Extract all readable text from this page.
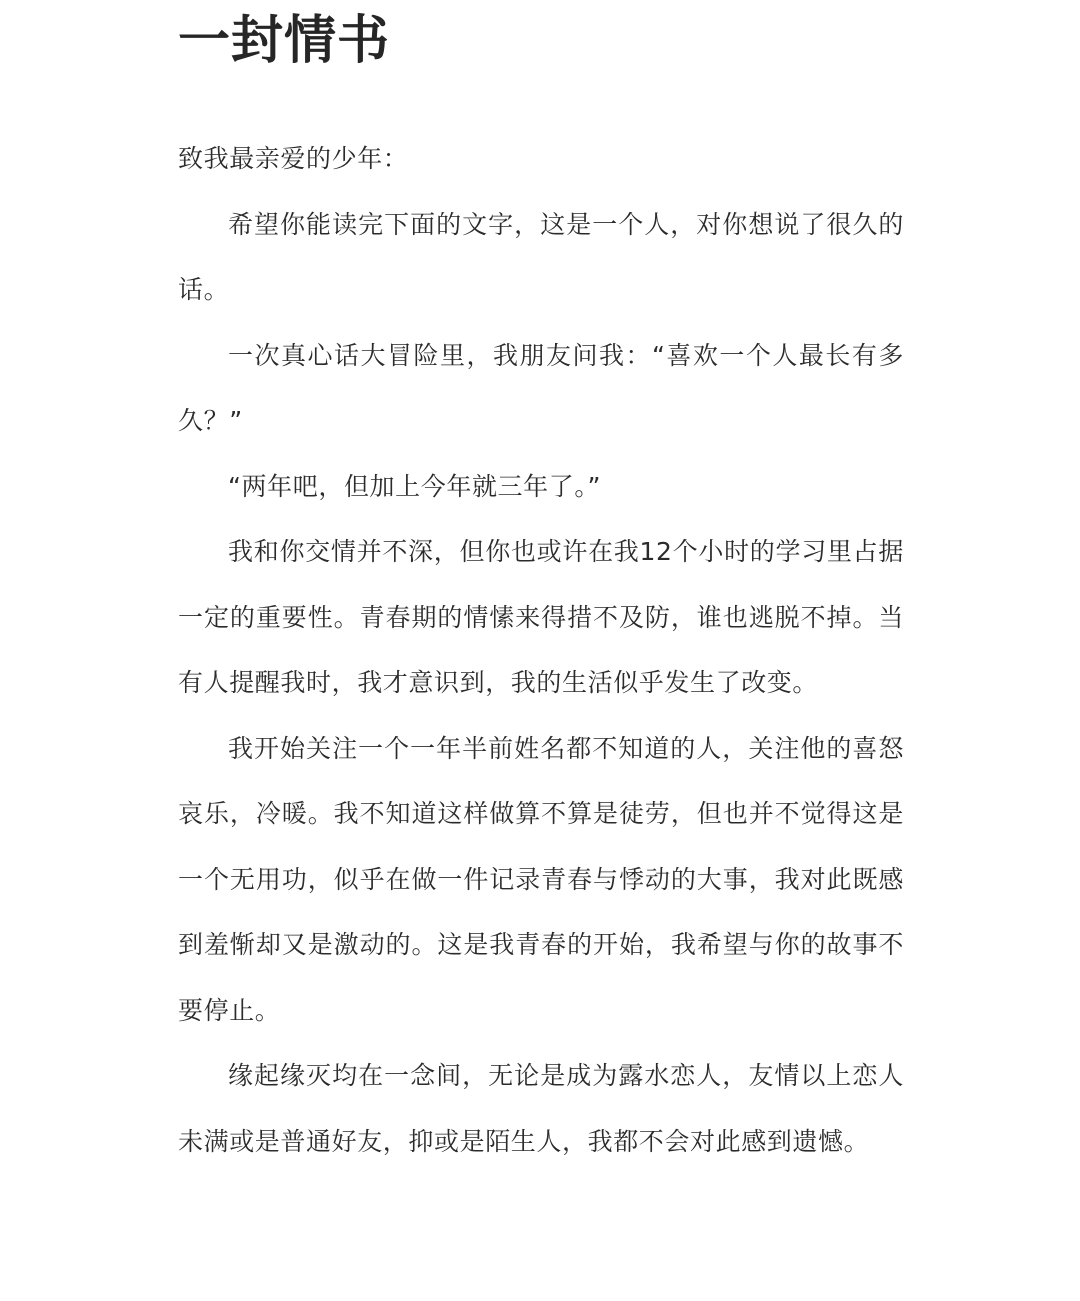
一封情书

致我最亲爱的少年：

希望你能读完下面的文字，这是一个人，对你想说了很久的话。

一次真心话大冒险里，我朋友问我：“喜欢一个人最长有多久？”

“两年吧，但加上今年就三年了。”

我和你交情并不深，但你也或许在我12个小时的学习里占据一定的重要性。青春期的情愫来得措不及防，谁也逃脱不掉。当有人提醒我时，我才意识到，我的生活似乎发生了改变。

我开始关注一个一年半前姓名都不知道的人，关注他的喜怒哀乐，冷暖。我不知道这样做算不算是徒劳，但也并不觉得这是一个无用功，似乎在做一件记录青春与悸动的大事，我对此既感到羞惭却又是激动的。这是我青春的开始，我希望与你的故事不要停止。

缘起缘灭均在一念间，无论是成为露水恋人，友情以上恋人未满或是普通好友，抑或是陌生人，我都不会对此感到遗憾。
